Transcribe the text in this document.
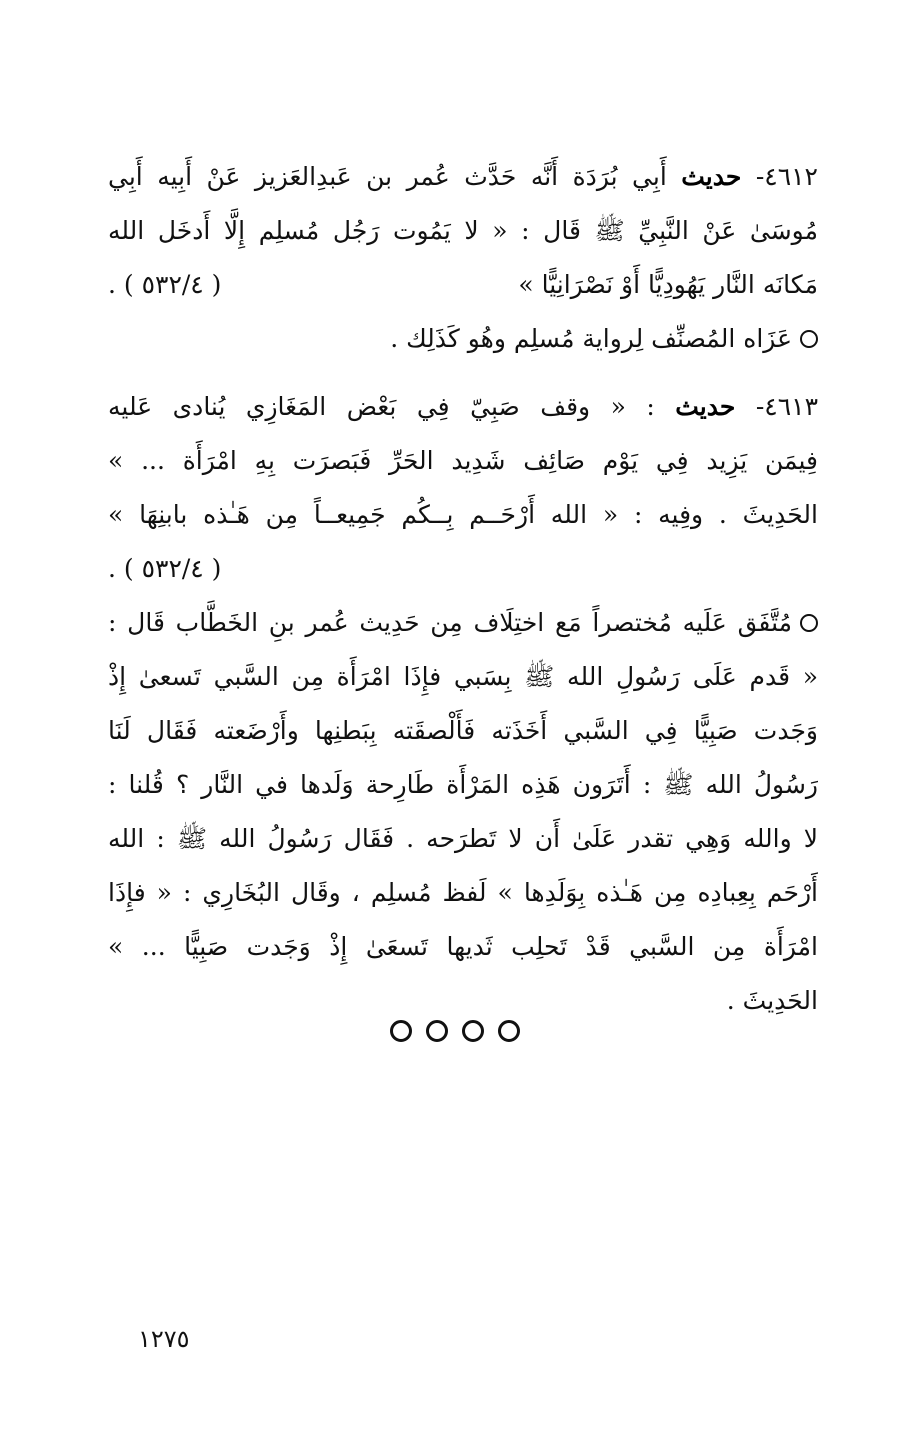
٤٦١٢- حديث أَبِي بُرَدَة أَنَّه حَدَّث عُمر بن عَبدِالعَزيز عَنْ أَبِيه أَبِي
مُوسَىٰ عَنْ النَّبِيِّ ﷺ قَال : « لا يَمُوت رَجُل مُسلِم إِلَّا أَدخَل الله
مَكانَه النَّار يَهُودِيًّا أَوْ نَصْرَانِيًّا »
( ٥٣٢/٤ ) .
عَزَاه المُصنِّف لِرواية مُسلِم وهُو كَذَلِك .
٤٦١٣- حديث : « وقف صَبِيّ فِي بَعْض المَغَازِي يُنادى عَليه
فِيمَن يَزِيد فِي يَوْم صَائِف شَدِيد الحَرِّ فَبَصرَت بِهِ امْرَأَة ... »
الحَدِيثَ . وفِيه : « الله أَرْحَــم بِــكُم جَمِيعــاً مِن هَـٰذه بابنِهَا »
( ٥٣٢/٤ ) .
مُتَّفَق عَلَيه مُختصراً مَع اختِلَاف مِن حَدِيث عُمر بنِ الخَطَّاب قَال :
« قَدم عَلَى رَسُولِ الله ﷺ بِسَبي فإِذَا امْرَأَة مِن السَّبي تَسعىٰ إِذْ
وَجَدت صَبِيًّا فِي السَّبي أَخَذَته فَأَلْصقَته بِبَطنِها وأَرْضَعته فَقَال لَنَا
رَسُولُ الله ﷺ : أَتَرَون هَذِه المَرْأَة طَارِحة وَلَدها في النَّار ؟ قُلنا :
لا والله وَهِي تقدر عَلَىٰ أَن لا تَطرَحه . فَقَال رَسُولُ الله ﷺ : الله
أَرْحَم بِعِبادِه مِن هَـٰذه بِوَلَدِها » لَفظ مُسلِم ، وقَال البُخَارِي : « فإِذَا
امْرَأَة مِن السَّبي قَدْ تَحلِب ثَديها تَسعَىٰ إِذْ وَجَدت صَبِيًّا ... »
الحَدِيثَ .
١٢٧٥
